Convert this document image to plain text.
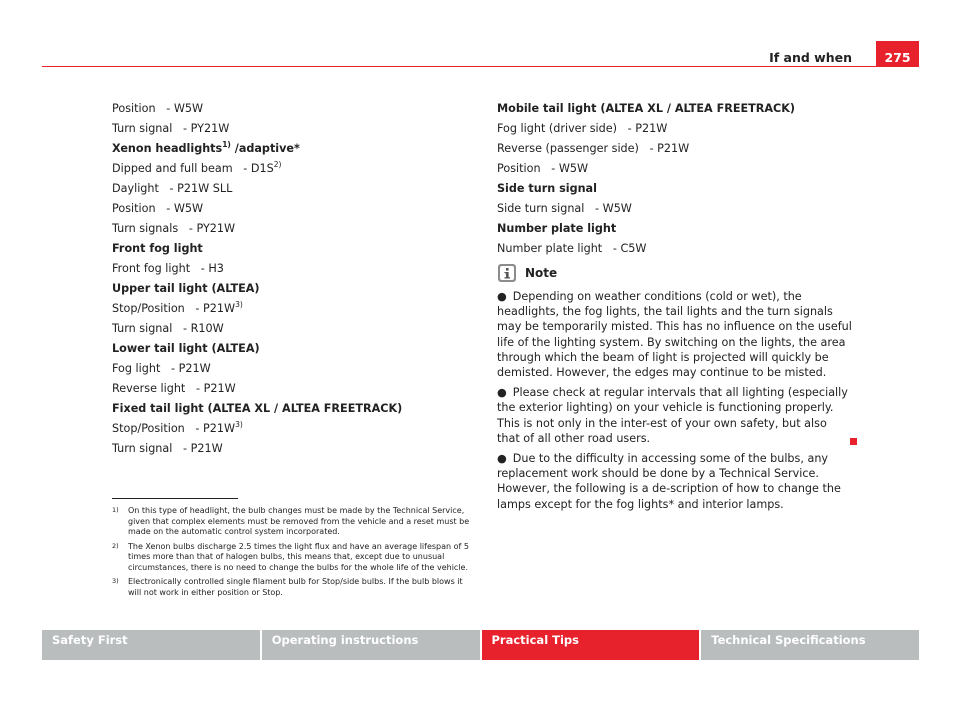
If and when	275
Position   - W5W
Turn signal   - PY21W
Xenon headlights$^{1)}$ /adaptive*
Dipped and full beam   - $D1S^{2)}$
Daylight   - P21W SLL
Position   - W5W
Turn signals   - PY21W
Front fog light
Front fog light   - H3
Upper tail light (ALTEA)
Stop/Position   - $P21W^{3)}$
Turn signal   - R10W
Lower tail light (ALTEA)
Fog light   - P21W
Reverse light   - P21W
Fixed tail light (ALTEA XL / ALTEA FREETRACK)
Stop/Position   - $P21W^{3)}$
Turn signal   - P21W
Mobile tail light (ALTEA XL / ALTEA FREETRACK)
Fog light (driver side)   - P21W
Reverse (passenger side)   - P21W
Position   - W5W
Side turn signal
Side turn signal   - W5W
Number plate light
Number plate light   - C5W
Note

● Depending on weather conditions (cold or wet), the headlights, the fog lights, the tail lights and the turn signals may be temporarily misted. This has no influence on the useful life of the lighting system. By switching on the lights, the area through which the beam of light is projected will quickly be demisted. However, the edges may continue to be misted.

● Please check at regular intervals that all lighting (especially the exterior lighting) on your vehicle is functioning properly. This is not only in the inter-est of your own safety, but also that of all other road users.

● Due to the difficulty in accessing some of the bulbs, any replacement work should be done by a Technical Service. However, the following is a de-scription of how to change the lamps except for the fog lights* and interior lamps.

1)	On this type of headlight, the bulb changes must be made by the Technical Service, given that complex elements must be removed from the vehicle and a reset must be made on the automatic control system incorporated.
2)	The Xenon bulbs discharge 2.5 times the light flux and have an average lifespan of 5 times more than that of halogen bulbs, this means that, except due to unusual circumstances, there is no need to change the bulbs for the whole life of the vehicle.
3)	Electronically controlled single filament bulb for Stop/side bulbs. If the bulb blows it will not work in either position or Stop.
Safety First	Operating instructions	Practical Tips	Technical Specifications
